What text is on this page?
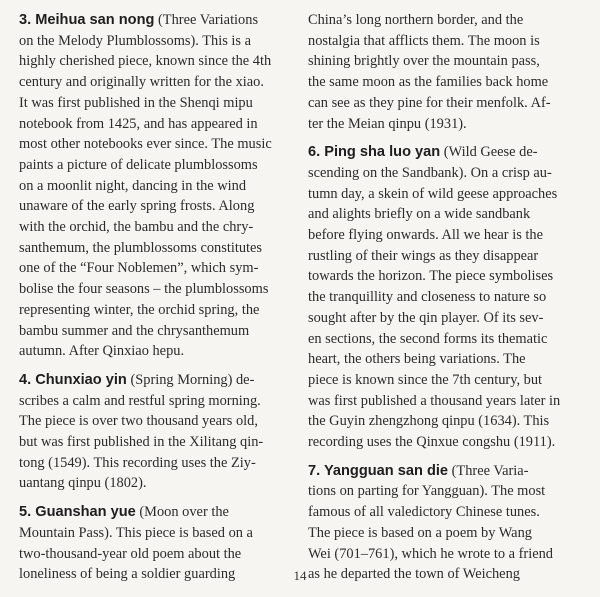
3. Meihua san nong (Three Variations
on the Melody Plumblossoms). This is a
highly cherished piece, known since the 4th
century and originally written for the xiao.
It was first published in the Shenqi mipu
notebook from 1425, and has appeared in
most other notebooks ever since. The music
paints a picture of delicate plumblossoms
on a moonlit night, dancing in the wind
unaware of the early spring frosts. Along
with the orchid, the bambu and the chry-
santhemum, the plumblossoms constitutes
one of the “Four Noblemen”, which sym-
bolise the four seasons – the plumblossoms
representing winter, the orchid spring, the
bambu summer and the chrysanthemum
autumn. After Qinxiao hepu.
4. Chunxiao yin (Spring Morning) de-
scribes a calm and restful spring morning.
The piece is over two thousand years old,
but was first published in the Xilitang qin-
tong (1549). This recording uses the Ziy-
uantang qinpu (1802).
5. Guanshan yue (Moon over the
Mountain Pass). This piece is based on a
two-thousand-year old poem about the
loneliness of being a soldier guarding
China’s long northern border, and the
nostalgia that afflicts them. The moon is
shining brightly over the mountain pass,
the same moon as the families back home
can see as they pine for their menfolk. Af-
ter the Meian qinpu (1931).
6. Ping sha luo yan (Wild Geese de-
scending on the Sandbank). On a crisp au-
tumn day, a skein of wild geese approaches
and alights briefly on a wide sandbank
before flying onwards. All we hear is the
rustling of their wings as they disappear
towards the horizon. The piece symbolises
the tranquillity and closeness to nature so
sought after by the qin player. Of its sev-
en sections, the second forms its thematic
heart, the others being variations. The
piece is known since the 7th century, but
was first published a thousand years later in
the Guyin zhengzhong qinpu (1634). This
recording uses the Qinxue congshu (1911).
7. Yangguan san die (Three Varia-
tions on parting for Yangguan). The most
famous of all valedictory Chinese tunes.
The piece is based on a poem by Wang
Wei (701–761), which he wrote to a friend
as he departed the town of Weicheng
14
